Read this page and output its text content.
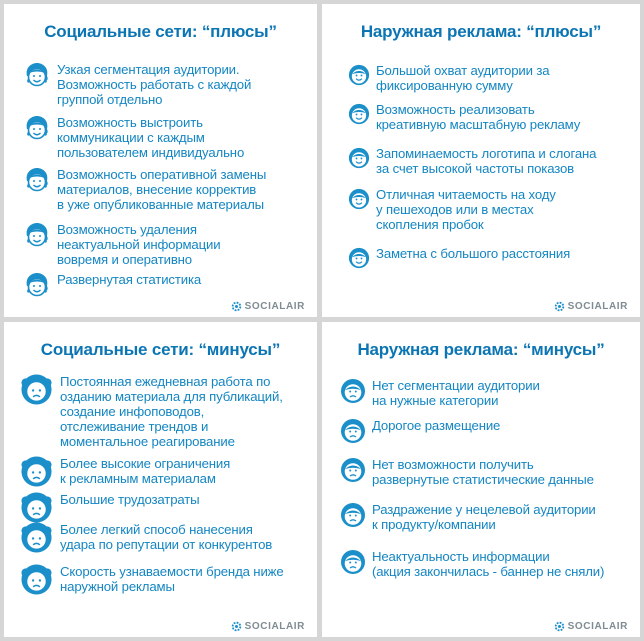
Социальные сети: “плюсы”
Узкая сегментация аудитории.
Возможность работать с каждой
группой отдельно
Возможность выстроить
коммуникации с каждым
пользователем индивидуально
Возможность оперативной замены
материалов, внесение корректив
в уже опубликованные материалы
Возможность удаления
неактуальной информации
вовремя и оперативно
Развернутая статистика
SOCIALAIR
Наружная реклама: “плюсы”
Большой охват аудитории за
фиксированную сумму
Возможность реализовать
креативную масштабную рекламу
Запоминаемость логотипа и слогана
за счет высокой частоты показов
Отличная читаемость на ходу
у пешеходов или в местах
скопления пробок
Заметна с большого расстояния
SOCIALAIR
Социальные сети: “минусы”
Постоянная ежедневная работа по
озданию материала для публикаций,
создание инфоповодов,
отслеживание трендов и
моментальное реагирование
Более высокие ограничения
к рекламным материалам
Большие трудозатраты
Более легкий способ нанесения
удара по репутации от конкурентов
Скорость узнаваемости бренда ниже
наружной рекламы
SOCIALAIR
Наружная реклама: “минусы”
Нет сегментации аудитории
на нужные категории
Дорогое размещение
Нет возможности получить
развернутые статистические данные
Раздражение у нецелевой аудитории
к продукту/компании
Неактуальность информации
(акция закончилась - баннер не сняли)
SOCIALAIR
